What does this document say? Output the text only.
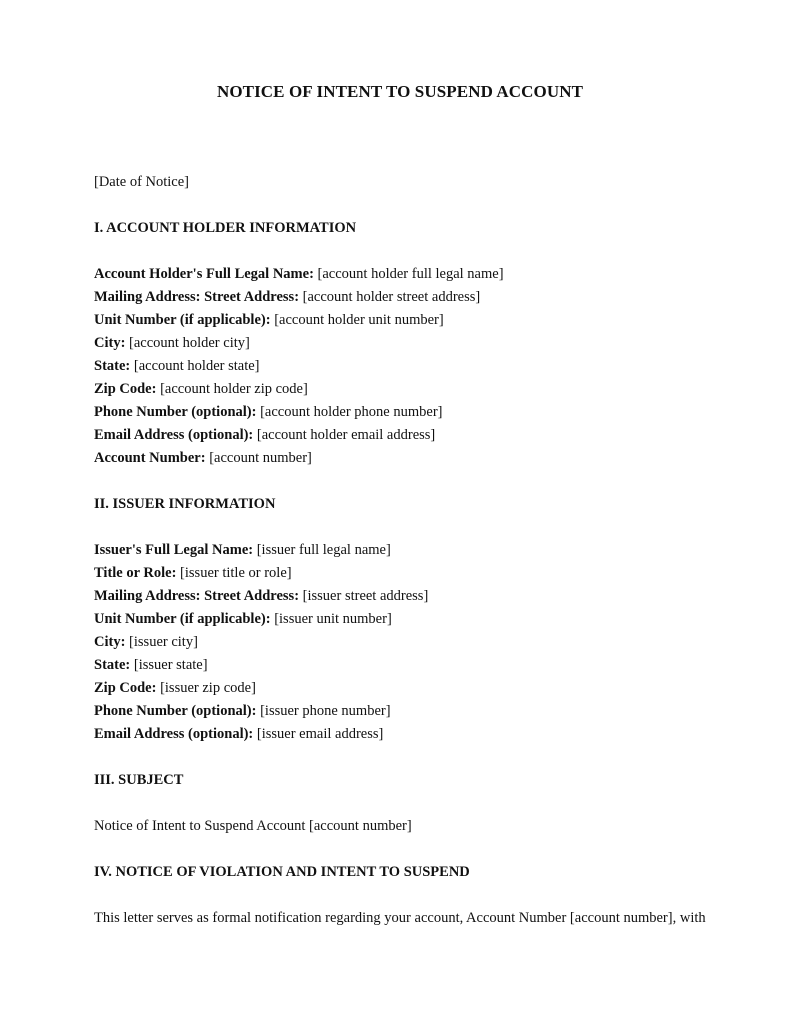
NOTICE OF INTENT TO SUSPEND ACCOUNT
[Date of Notice]
I. ACCOUNT HOLDER INFORMATION
Account Holder's Full Legal Name: [account holder full legal name]
Mailing Address: Street Address: [account holder street address]
Unit Number (if applicable): [account holder unit number]
City: [account holder city]
State: [account holder state]
Zip Code: [account holder zip code]
Phone Number (optional): [account holder phone number]
Email Address (optional): [account holder email address]
Account Number: [account number]
II. ISSUER INFORMATION
Issuer's Full Legal Name: [issuer full legal name]
Title or Role: [issuer title or role]
Mailing Address: Street Address: [issuer street address]
Unit Number (if applicable): [issuer unit number]
City: [issuer city]
State: [issuer state]
Zip Code: [issuer zip code]
Phone Number (optional): [issuer phone number]
Email Address (optional): [issuer email address]
III. SUBJECT
Notice of Intent to Suspend Account [account number]
IV. NOTICE OF VIOLATION AND INTENT TO SUSPEND
This letter serves as formal notification regarding your account, Account Number [account number], with
